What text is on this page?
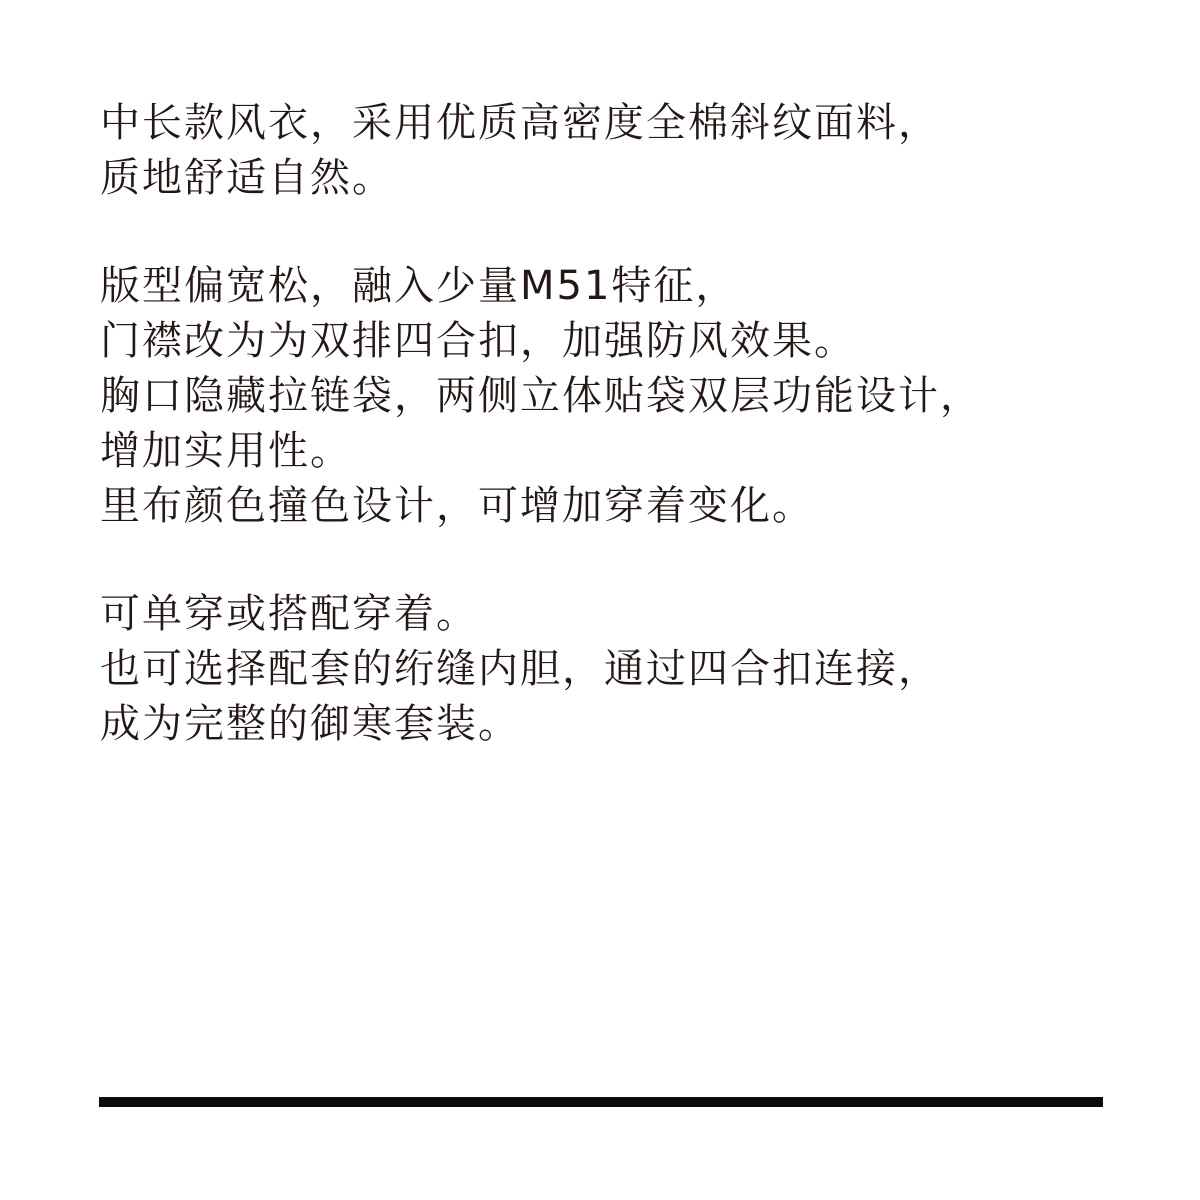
中长款风衣，采用优质高密度全棉斜纹面料，

质地舒适自然。

版型偏宽松，融入少量M51特征，

门襟改为为双排四合扣，加强防风效果。

胸口隐藏拉链袋，两侧立体贴袋双层功能设计，

增加实用性。

里布颜色撞色设计，可增加穿着变化。

可单穿或搭配穿着。

也可选择配套的绗缝内胆，通过四合扣连接，

成为完整的御寒套装。
